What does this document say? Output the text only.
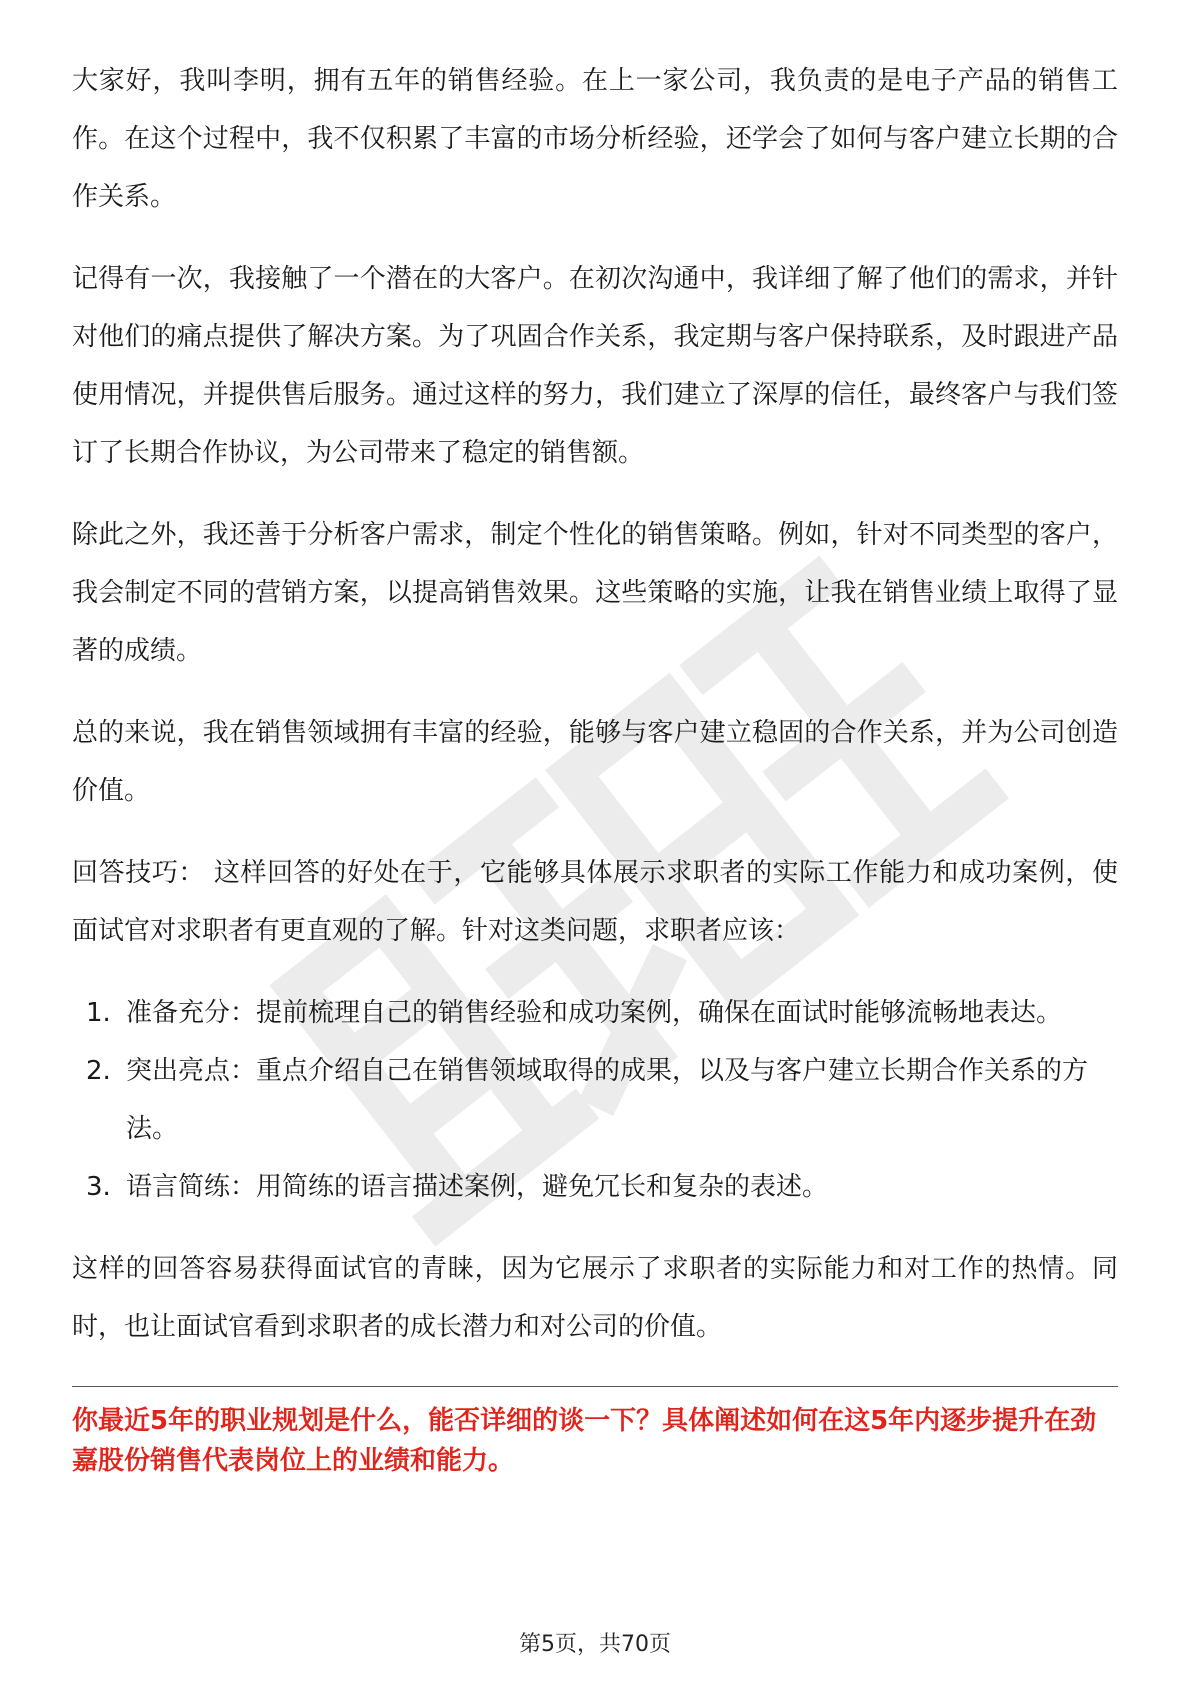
大家好，我叫李明，拥有五年的销售经验。在上一家公司，我负责的是电子产品的销售工作。在这个过程中，我不仅积累了丰富的市场分析经验，还学会了如何与客户建立长期的合作关系。

记得有一次，我接触了一个潜在的大客户。在初次沟通中，我详细了解了他们的需求，并针对他们的痛点提供了解决方案。为了巩固合作关系，我定期与客户保持联系，及时跟进产品使用情况，并提供售后服务。通过这样的努力，我们建立了深厚的信任，最终客户与我们签订了长期合作协议，为公司带来了稳定的销售额。

除此之外，我还善于分析客户需求，制定个性化的销售策略。例如，针对不同类型的客户，我会制定不同的营销方案，以提高销售效果。这些策略的实施，让我在销售业绩上取得了显著的成绩。

总的来说，我在销售领域拥有丰富的经验，能够与客户建立稳固的合作关系，并为公司创造价值。

回答技巧： 这样回答的好处在于，它能够具体展示求职者的实际工作能力和成功案例，使面试官对求职者有更直观的了解。针对这类问题，求职者应该：

1. 准备充分：提前梳理自己的销售经验和成功案例，确保在面试时能够流畅地表达。
2. 突出亮点：重点介绍自己在销售领域取得的成果，以及与客户建立长期合作关系的方法。
3. 语言简练：用简练的语言描述案例，避免冗长和复杂的表述。

这样的回答容易获得面试官的青睐，因为它展示了求职者的实际能力和对工作的热情。同时，也让面试官看到求职者的成长潜力和对公司的价值。

你最近5年的职业规划是什么，能否详细的谈一下？具体阐述如何在这5年内逐步提升在劲嘉股份销售代表岗位上的业绩和能力。

第5页，共70页
